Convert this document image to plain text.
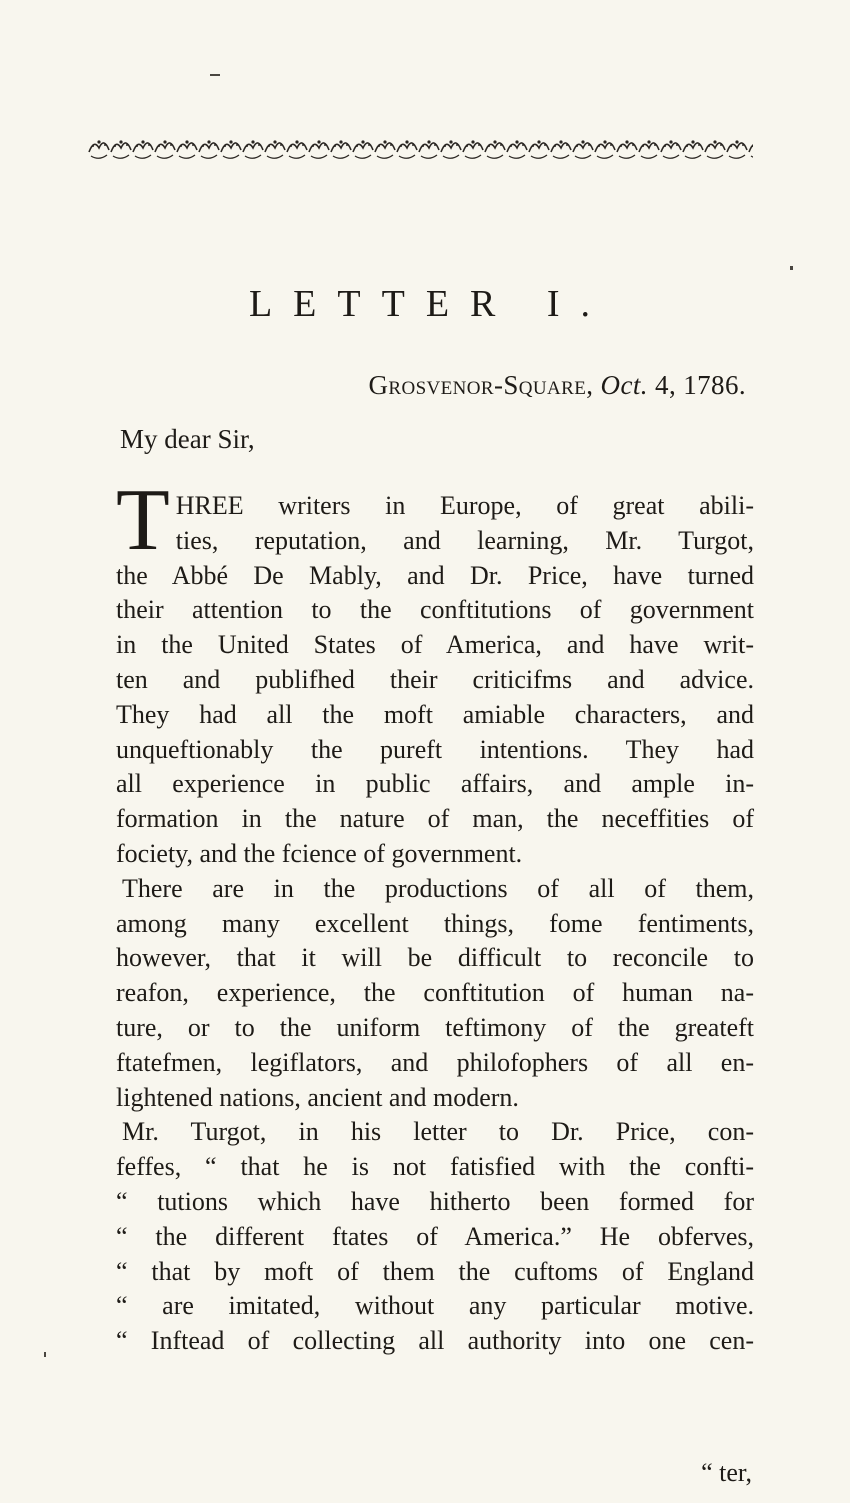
LETTER I.
Grosvenor-Square, Oct. 4, 1786.
My dear Sir,
THREE writers in Europe, of great abili-
ties, reputation, and learning, Mr. Turgot,
the Abbé De Mably, and Dr. Price, have turned
their attention to the conftitutions of government
in the United States of America, and have writ-
ten and publifhed their criticifms and advice.
They had all the moft amiable characters, and
unqueftionably the pureft intentions. They had
all experience in public affairs, and ample in-
formation in the nature of man, the neceffities of
fociety, and the fcience of government.
There are in the productions of all of them,
among many excellent things, fome fentiments,
however, that it will be difficult to reconcile to
reafon, experience, the conftitution of human na-
ture, or to the uniform teftimony of the greateft
ftatefmen, legiflators, and philofophers of all en-
lightened nations, ancient and modern.
Mr. Turgot, in his letter to Dr. Price, con-
feffes, “ that he is not fatisfied with the confti-
“ tutions which have hitherto been formed for
“ the different ftates of America.” He obferves,
“ that by moft of them the cuftoms of England
“ are imitated, without any particular motive.
“ Inftead of collecting all authority into one cen-
“ ter,
